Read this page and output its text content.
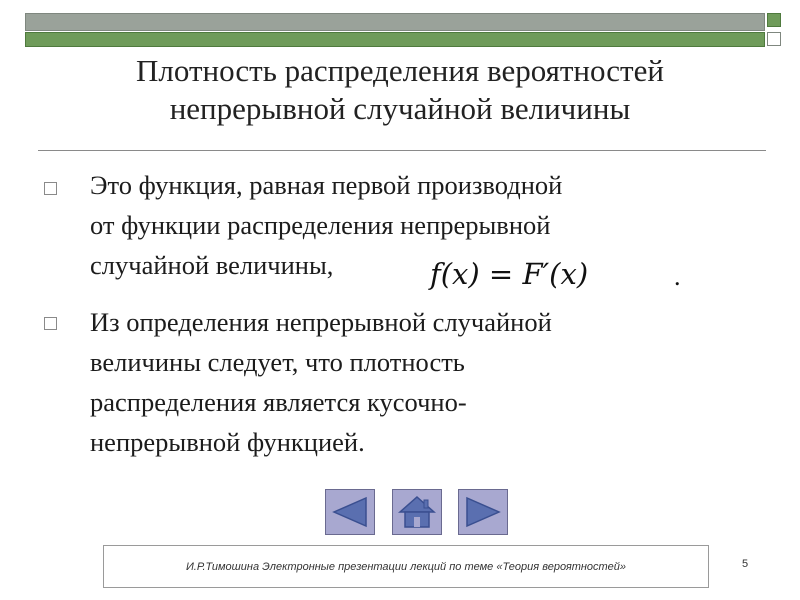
Плотность распределения вероятностей
непрерывной случайной величины
Это функция, равная первой производной
от функции распределения непрерывной
случайной величины,	f(x) = F′(x)	.
Из определения непрерывной случайной
величины следует, что плотность
распределения является кусочно-
непрерывной функцией.
И.Р.Тимошина Электронные презентации лекций по теме «Теория вероятностей»	5
